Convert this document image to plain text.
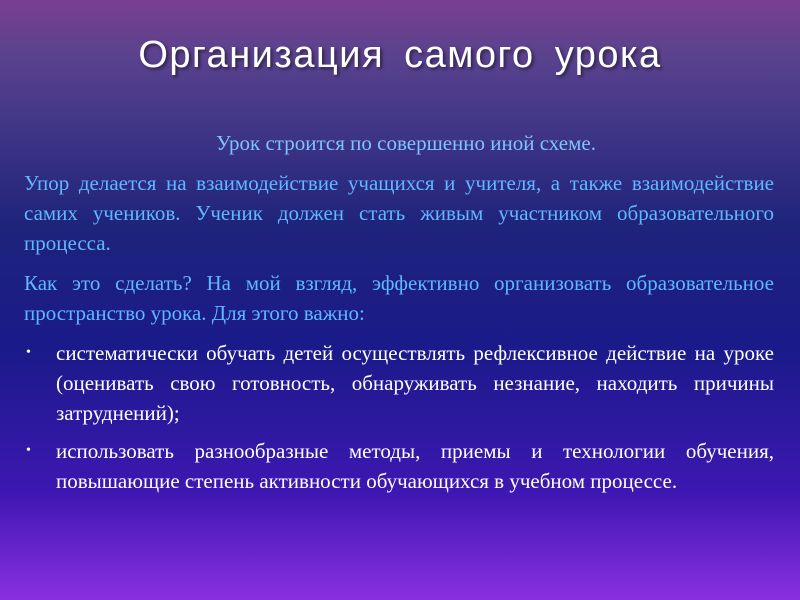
Организация самого урока

Урок строится по совершенно иной схеме.

Упор делается на взаимодействие учащихся и учителя, а также взаимодействие самих учеников. Ученик должен стать живым участником образовательного процесса.

Как это сделать? На мой взгляд, эффективно организовать образовательное пространство урока. Для этого важно:

• систематически обучать детей осуществлять рефлексивное действие на уроке (оценивать свою готовность, обнаруживать незнание, находить причины затруднений);
• использовать разнообразные методы, приемы и технологии обучения, повышающие степень активности обучающихся в учебном процессе.
